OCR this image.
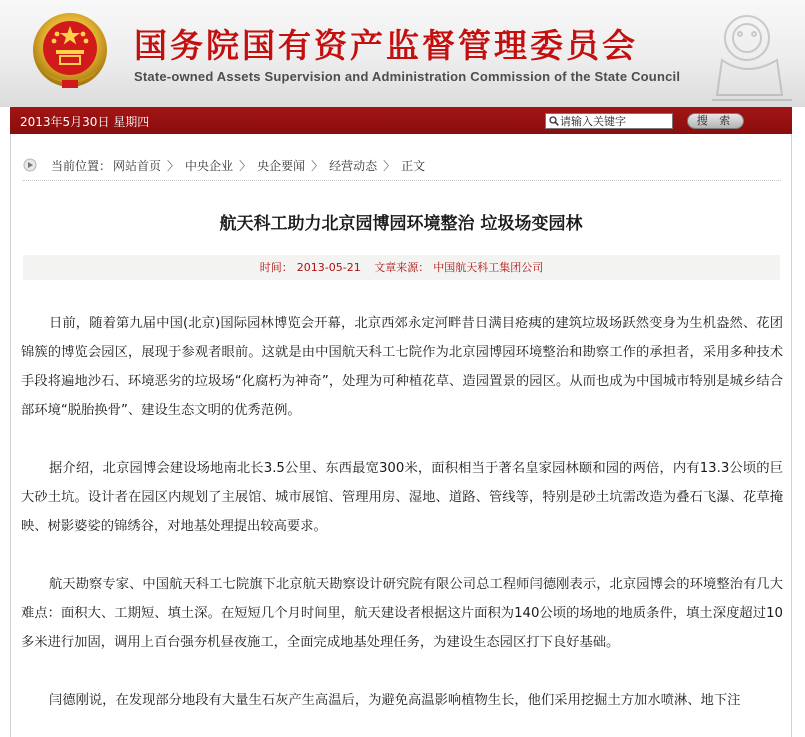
国务院国有资产监督管理委员会
State-owned Assets Supervision and Administration Commission of the State Council
2013年5月30日 星期四
请输入关键字	搜 索
当前位置： 网站首页 〉 中央企业 〉 央企要闻 〉 经营动态 〉 正文
航天科工助力北京园博园环境整治 垃圾场变园林
时间： 2013-05-21 文章来源： 中国航天科工集团公司

日前，随着第九届中国(北京)国际园林博览会开幕，北京西郊永定河畔昔日满目疮痍的建筑垃圾场跃然变身为生机盎然、花团锦簇的博览会园区，展现于参观者眼前。这就是由中国航天科工七院作为北京园博园环境整治和勘察工作的承担者，采用多种技术手段将遍地沙石、环境恶劣的垃圾场“化腐朽为神奇”，处理为可种植花草、造园置景的园区。从而也成为中国城市特别是城乡结合部环境“脱胎换骨”、建设生态文明的优秀范例。

据介绍，北京园博会建设场地南北长3.5公里、东西最宽300米，面积相当于著名皇家园林颐和园的两倍，内有13.3公顷的巨大砂土坑。设计者在园区内规划了主展馆、城市展馆、管理用房、湿地、道路、管线等，特别是砂土坑需改造为叠石飞瀑、花草掩映、树影婆娑的锦绣谷，对地基处理提出较高要求。

航天勘察专家、中国航天科工七院旗下北京航天勘察设计研究院有限公司总工程师闫德刚表示，北京园博会的环境整治有几大难点：面积大、工期短、填土深。在短短几个月时间里，航天建设者根据这片面积为140公顷的场地的地质条件，填土深度超过10多米进行加固，调用上百台强夯机昼夜施工，全面完成地基处理任务，为建设生态园区打下良好基础。

闫德刚说，在发现部分地段有大量生石灰产生高温后，为避免高温影响植物生长，他们采用挖掘土方加水喷淋、地下注
